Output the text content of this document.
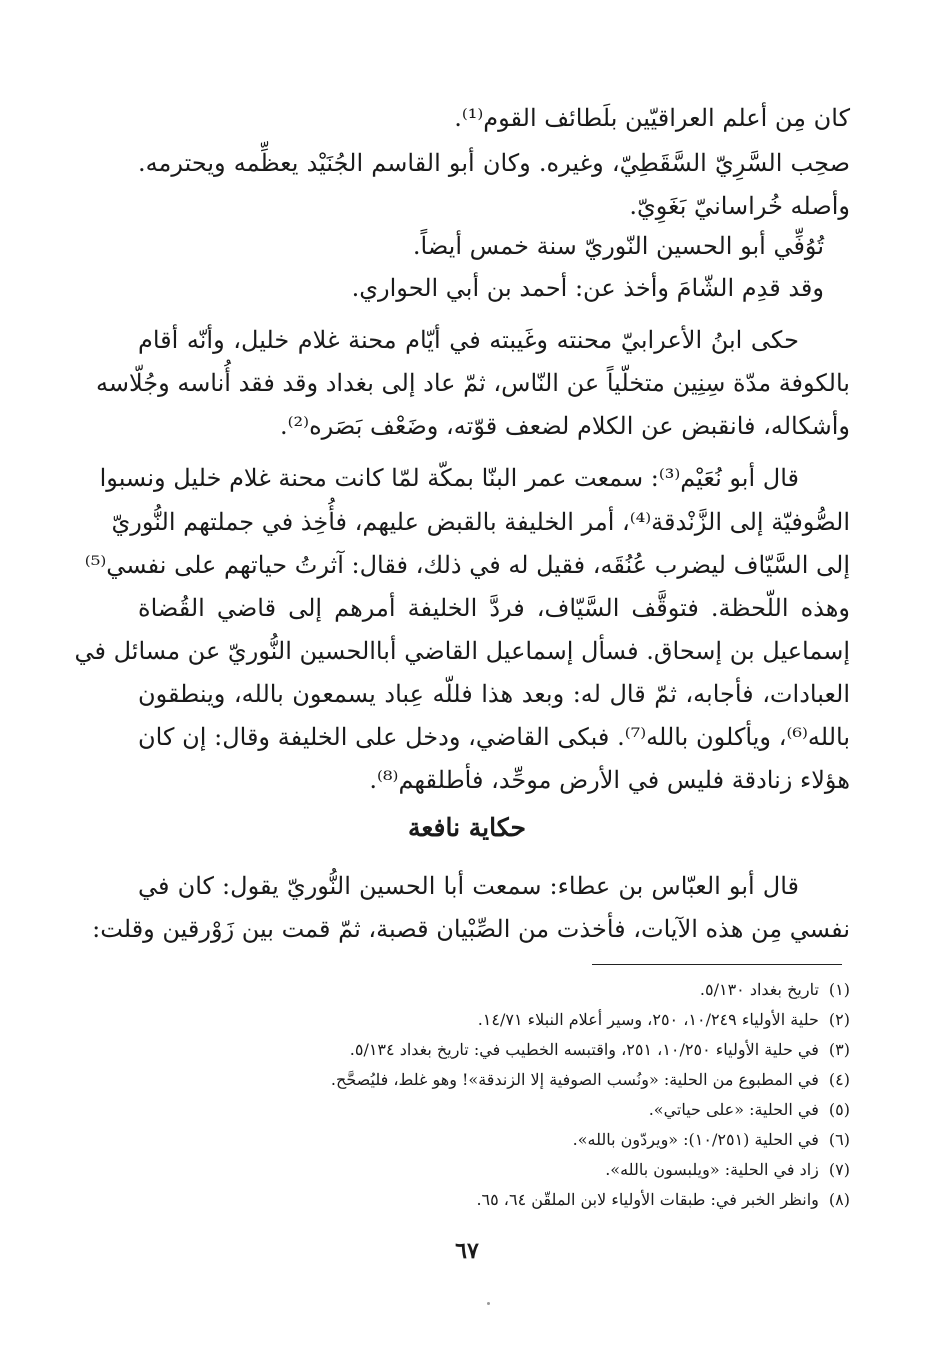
كان مِن أعلم العراقيّين بلَطائف القوم⁽¹⁾.
صحِب السَّرِيّ السَّقَطِيّ، وغيره. وكان أبو القاسم الجُنَيْد يعظِّمه ويحترمه.
وأصله خُراسانيّ بَغَوِيّ.
تُوُفِّي أبو الحسين النّوريّ سنة خمس أيضاً.
وقد قدِم الشّامَ وأخذ عن: أحمد بن أبي الحواري.
حكى ابنُ الأعرابيّ محنته وغَيبته في أيّام محنة غلام خليل، وأنّه أقام
بالكوفة مدّة سِنِين متخلّياً عن النّاس، ثمّ عاد إلى بغداد وقد فقد أُناسه وجُلّاسه
وأشكاله، فانقبض عن الكلام لضعف قوّته، وضَعْف بَصَره⁽²⁾.
قال أبو نُعَيْم⁽³⁾: سمعت عمر البنّا بمكّة لمّا كانت محنة غلام خليل ونسبوا
الصُّوفيّة إلى الزَّنْدقة⁽⁴⁾، أمر الخليفة بالقبض عليهم، فأُخِذ في جملتهم النُّوريّ
إلى السَّيّاف ليضرب عُنُقَه، فقيل له في ذلك، فقال: آثرتُ حياتهم على نفسي⁽⁵⁾
وهذه اللّحظة. فتوقَّف السَّيّاف، فردَّ الخليفة أمرهم إلى قاضي القُضاة
إسماعيل بن إسحاق. فسأل إسماعيل القاضي أباالحسين النُّوريّ عن مسائل في
العبادات، فأجابه، ثمّ قال له: وبعد هذا فللّه عِباد يسمعون بالله، وينطقون
بالله⁽⁶⁾، ويأكلون بالله⁽⁷⁾. فبكى القاضي، ودخل على الخليفة وقال: إن كان
هؤلاء زنادقة فليس في الأرض موحِّد، فأطلقهم⁽⁸⁾.
حكاية نافعة
قال أبو العبّاس بن عطاء: سمعت أبا الحسين النُّوريّ يقول: كان في
نفسي مِن هذه الآيات، فأخذت من الصِّبْيان قصبة، ثمّ قمت بين زَوْرقين وقلت:
(١)تاريخ بغداد ٥/١٣٠.
(٢)حلية الأولياء ١٠/٢٤٩، ٢٥٠، وسير أعلام النبلاء ١٤/٧١.
(٣)في حلية الأولياء ١٠/٢٥٠، ٢٥١، واقتبسه الخطيب في: تاريخ بغداد ٥/١٣٤.
(٤)في المطبوع من الحلية: «ونُسب الصوفية إلا الزندقة»! وهو غلط، فليُصحَّح.
(٥)في الحلية: «على حياتي».
(٦)في الحلية (١٠/٢٥١): «ويردّون بالله».
(٧)زاد في الحلية: «ويلبسون بالله».
(٨)وانظر الخبر في: طبقات الأولياء لابن الملقّن ٦٤، ٦٥.
٦٧
